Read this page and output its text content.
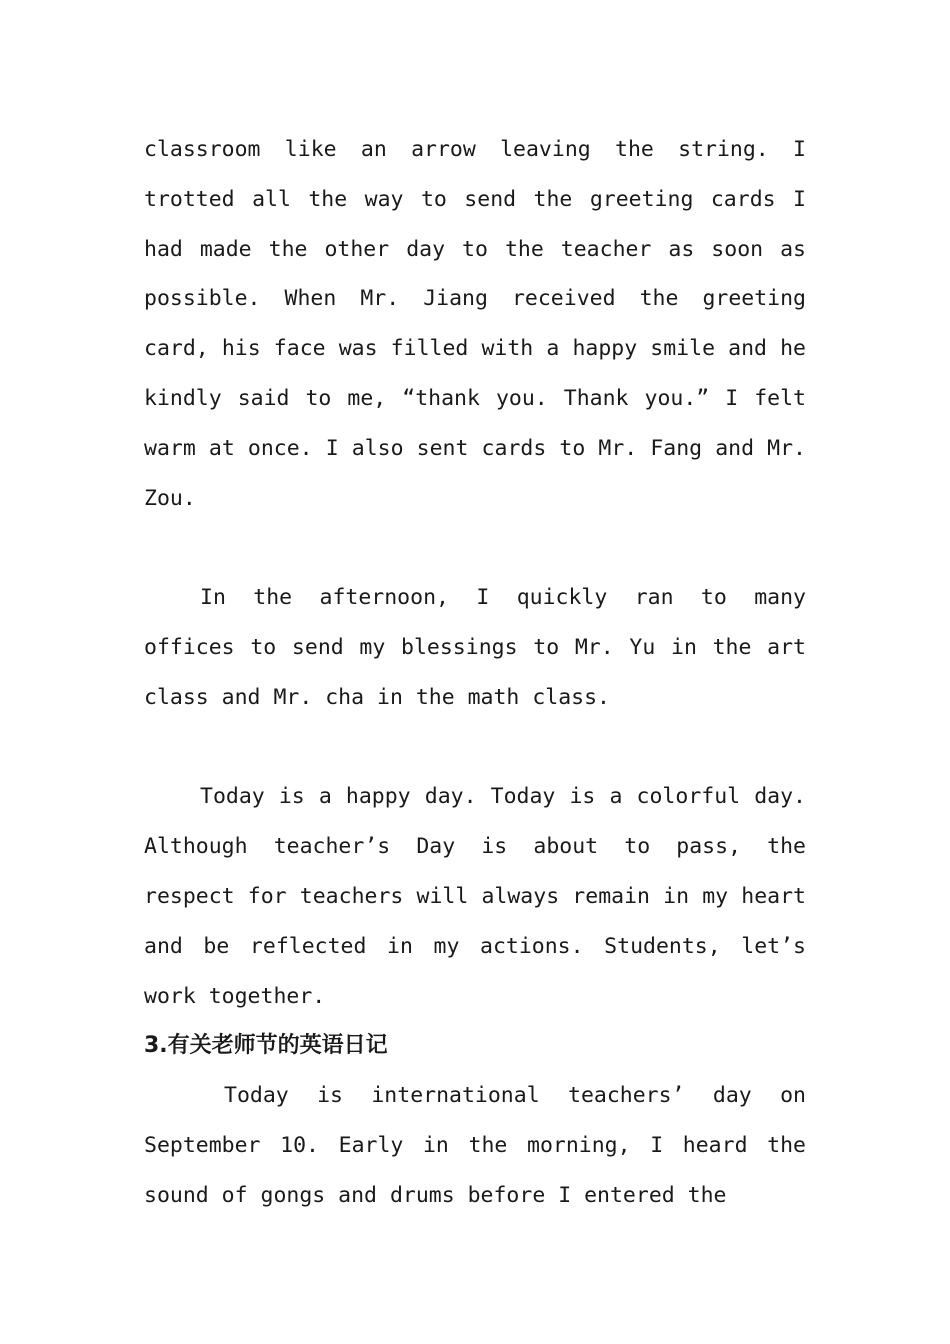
classroom like an arrow leaving the string. I trotted all the way to send the greeting cards I had made the other day to the teacher as soon as possible. When Mr. Jiang received the greeting card, his face was filled with a happy smile and he kindly said to me, “thank you. Thank you.” I felt warm at once. I also sent cards to Mr. Fang and Mr. Zou.

In the afternoon, I quickly ran to many offices to send my blessings to Mr. Yu in the art class and Mr. cha in the math class.

Today is a happy day. Today is a colorful day. Although teacher’s Day is about to pass, the respect for teachers will always remain in my heart and be reflected in my actions. Students, let’s work together.

3.有关老师节的英语日记

Today is international teachers’ day on September 10. Early in the morning, I heard the sound of gongs and drums before I entered the
